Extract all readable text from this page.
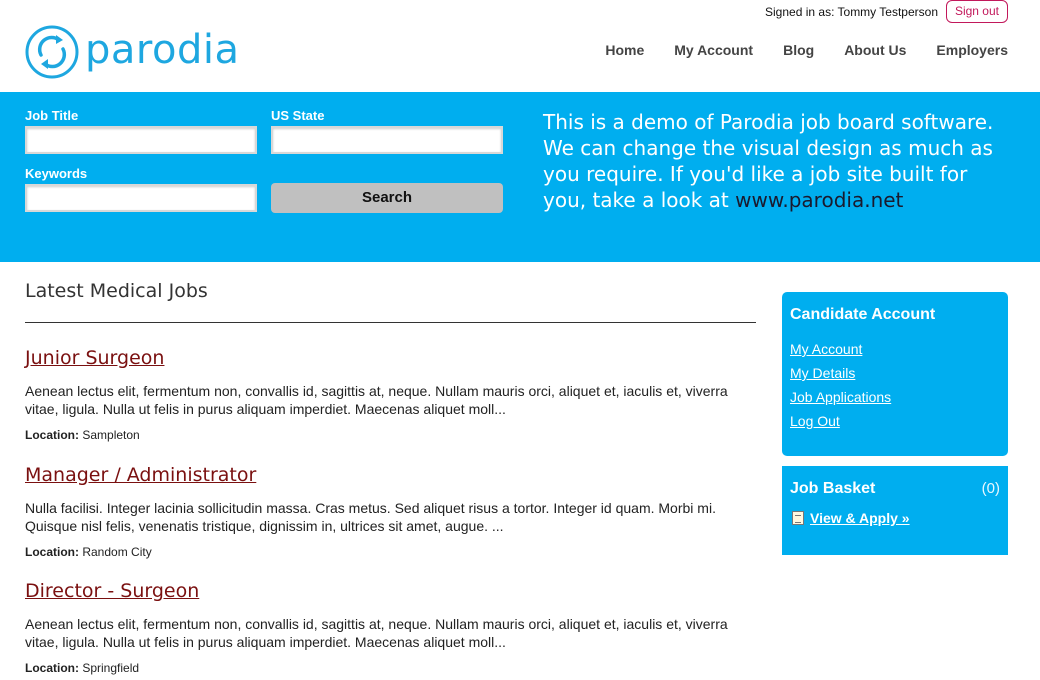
parodia
Signed in as: Tommy Testperson	Sign out
Home My Account Blog About Us Employers
Job Title	US State
Keywords
Search
This is a demo of Parodia job board software. We can change the visual design as much as you require. If you'd like a job site built for you, take a look at www.parodia.net
Latest Medical Jobs
Junior Surgeon
Aenean lectus elit, fermentum non, convallis id, sagittis at, neque. Nullam mauris orci, aliquet et, iaculis et, viverra vitae, ligula. Nulla ut felis in purus aliquam imperdiet. Maecenas aliquet moll...
Location: Sampleton
Manager / Administrator
Nulla facilisi. Integer lacinia sollicitudin massa. Cras metus. Sed aliquet risus a tortor. Integer id quam. Morbi mi. Quisque nisl felis, venenatis tristique, dignissim in, ultrices sit amet, augue. ...
Location: Random City
Director - Surgeon
Aenean lectus elit, fermentum non, convallis id, sagittis at, neque. Nullam mauris orci, aliquet et, iaculis et, viverra vitae, ligula. Nulla ut felis in purus aliquam imperdiet. Maecenas aliquet moll...
Location: Springfield
Candidate Account
My Account
My Details
Job Applications
Log Out
Job Basket	(0)
View & Apply »
